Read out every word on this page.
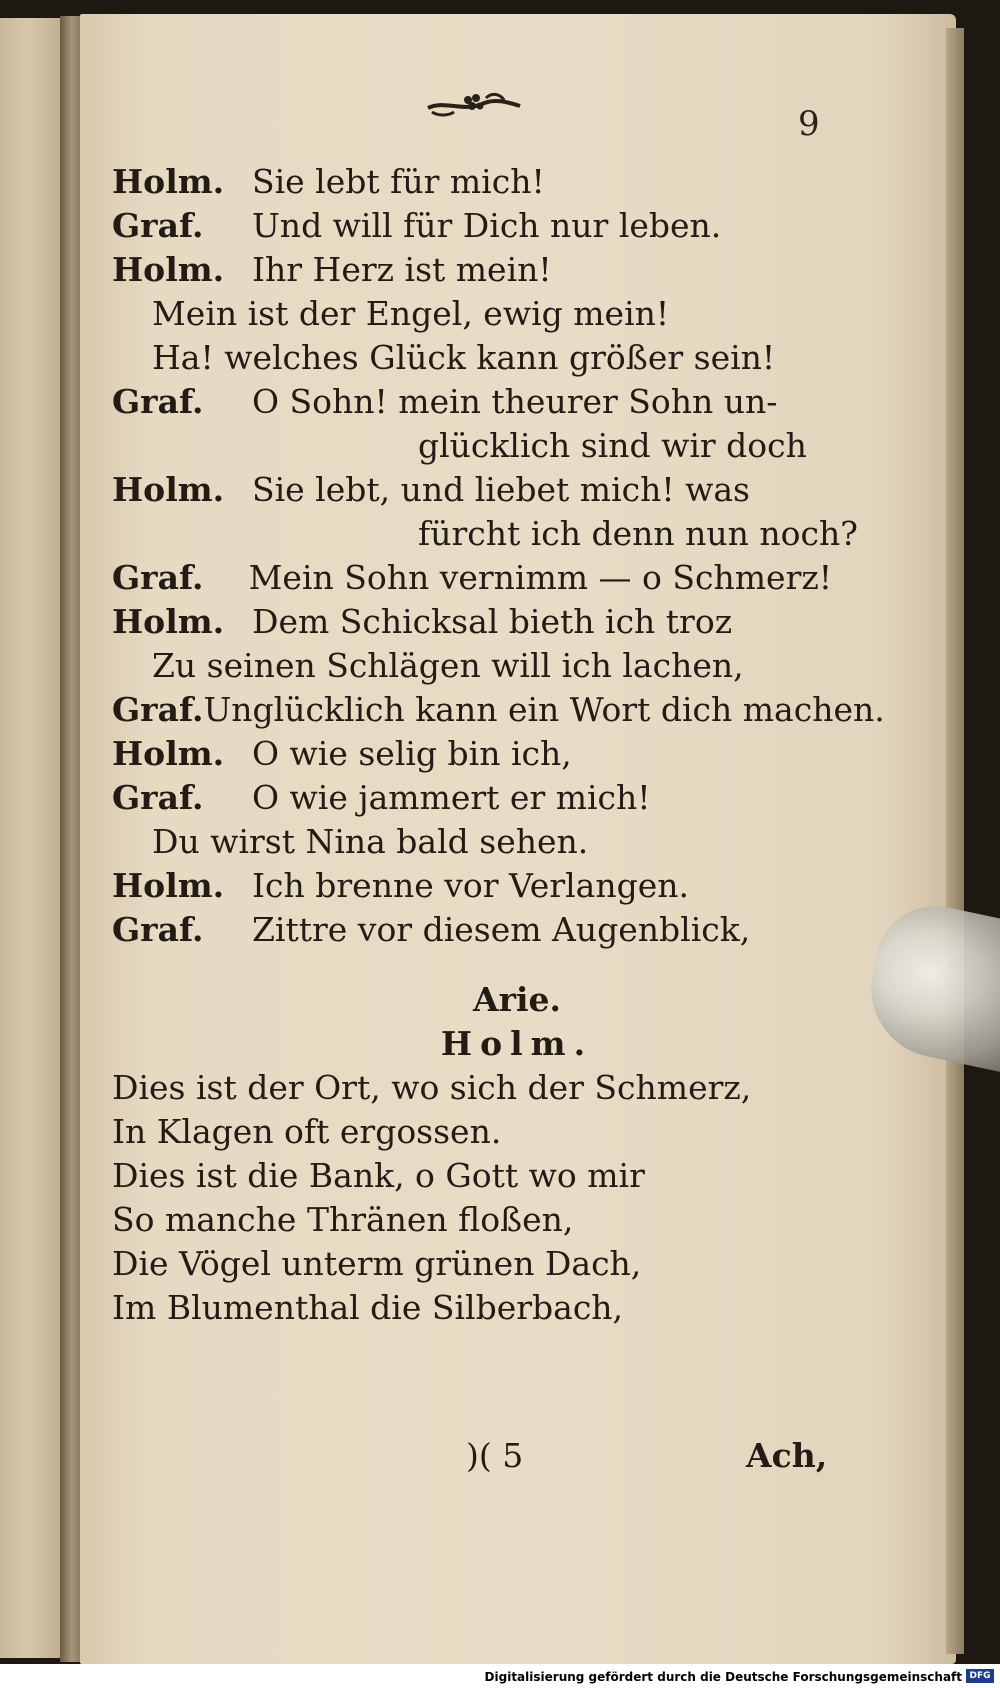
9
Holm. Sie lebt für mich!
Graf.	Und will für Dich nur leben.
Holm. Ihr Herz ist mein!
Mein ist der Engel, ewig mein!
Ha! welches Glück kann größer sein!
Graf.	O Sohn! mein theurer Sohn un-
glücklich sind wir doch
Holm. Sie lebt, und liebet mich! was
fürcht ich denn nun noch?
Graf.	Mein Sohn vernimm — o Schmerz!
Holm. Dem Schicksal bieth ich troz
Zu seinen Schlägen will ich lachen,
Graf. Unglücklich kann ein Wort dich machen.
Holm. O wie selig bin ich,
Graf.	O wie jammert er mich!
Du wirst Nina bald sehen.
Holm. Ich brenne vor Verlangen.
Graf.	Zittre vor diesem Augenblick,
Arie.
Holm.
Dies ist der Ort, wo sich der Schmerz,
In Klagen oft ergossen.
Dies ist die Bank, o Gott wo mir
So manche Thränen floßen,
Die Vögel unterm grünen Dach,
Im Blumenthal die Silberbach,
)( 5	Ach,
Digitalisierung gefördert durch die Deutsche Forschungsgemeinschaft DFG
